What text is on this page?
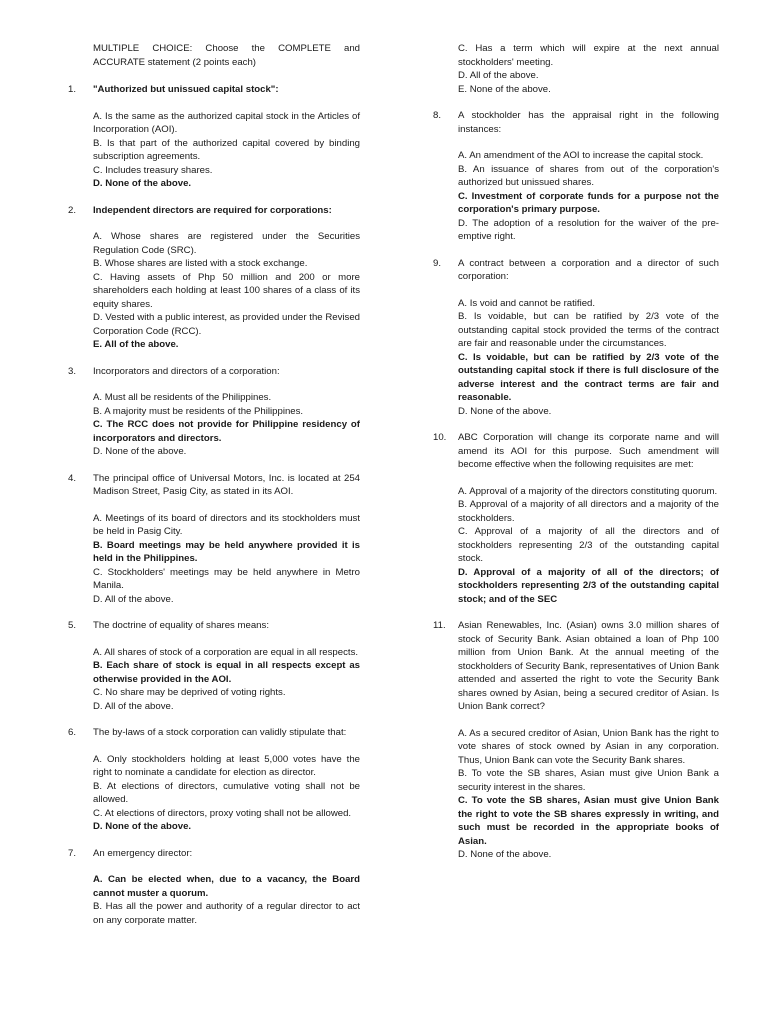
MULTIPLE CHOICE: Choose the COMPLETE and ACCURATE statement (2 points each)
1. "Authorized but unissued capital stock":
A. Is the same as the authorized capital stock in the Articles of Incorporation (AOI).
B. Is that part of the authorized capital covered by binding subscription agreements.
C. Includes treasury shares.
D. None of the above.
2. Independent directors are required for corporations:
A. Whose shares are registered under the Securities Regulation Code (SRC).
B. Whose shares are listed with a stock exchange.
C. Having assets of Php 50 million and 200 or more shareholders each holding at least 100 shares of a class of its equity shares.
D. Vested with a public interest, as provided under the Revised Corporation Code (RCC).
E. All of the above.
3. Incorporators and directors of a corporation:
A. Must all be residents of the Philippines.
B. A majority must be residents of the Philippines.
C. The RCC does not provide for Philippine residency of incorporators and directors.
D. None of the above.
4. The principal office of Universal Motors, Inc. is located at 254 Madison Street, Pasig City, as stated in its AOI.
A. Meetings of its board of directors and its stockholders must be held in Pasig City.
B. Board meetings may be held anywhere provided it is held in the Philippines.
C. Stockholders' meetings may be held anywhere in Metro Manila.
D. All of the above.
5. The doctrine of equality of shares means:
A. All shares of stock of a corporation are equal in all respects.
B. Each share of stock is equal in all respects except as otherwise provided in the AOI.
C. No share may be deprived of voting rights.
D. All of the above.
6. The by-laws of a stock corporation can validly stipulate that:
A. Only stockholders holding at least 5,000 votes have the right to nominate a candidate for election as director.
B. At elections of directors, cumulative voting shall not be allowed.
C. At elections of directors, proxy voting shall not be allowed.
D. None of the above.
7. An emergency director:
A. Can be elected when, due to a vacancy, the Board cannot muster a quorum.
B. Has all the power and authority of a regular director to act on any corporate matter.
C. Has a term which will expire at the next annual stockholders' meeting.
D. All of the above.
E. None of the above.
8. A stockholder has the appraisal right in the following instances:
A. An amendment of the AOI to increase the capital stock.
B. An issuance of shares from out of the corporation's authorized but unissued shares.
C. Investment of corporate funds for a purpose not the corporation's primary purpose.
D. The adoption of a resolution for the waiver of the pre-emptive right.
9. A contract between a corporation and a director of such corporation:
A. Is void and cannot be ratified.
B. Is voidable, but can be ratified by 2/3 vote of the outstanding capital stock provided the terms of the contract are fair and reasonable under the circumstances.
C. Is voidable, but can be ratified by 2/3 vote of the outstanding capital stock if there is full disclosure of the adverse interest and the contract terms are fair and reasonable.
D. None of the above.
10. ABC Corporation will change its corporate name and will amend its AOI for this purpose. Such amendment will become effective when the following requisites are met:
A. Approval of a majority of the directors constituting quorum.
B. Approval of a majority of all directors and a majority of the stockholders.
C. Approval of a majority of all the directors and of stockholders representing 2/3 of the outstanding capital stock.
D. Approval of a majority of all of the directors; of stockholders representing 2/3 of the outstanding capital stock; and of the SEC
11. Asian Renewables, Inc. (Asian) owns 3.0 million shares of stock of Security Bank. Asian obtained a loan of Php 100 million from Union Bank. At the annual meeting of the stockholders of Security Bank, representatives of Union Bank attended and asserted the right to vote the Security Bank shares owned by Asian, being a secured creditor of Asian. Is Union Bank correct?
A. As a secured creditor of Asian, Union Bank has the right to vote shares of stock owned by Asian in any corporation. Thus, Union Bank can vote the Security Bank shares.
B. To vote the SB shares, Asian must give Union Bank a security interest in the shares.
C. To vote the SB shares, Asian must give Union Bank the right to vote the SB shares expressly in writing, and such must be recorded in the appropriate books of Asian.
D. None of the above.
